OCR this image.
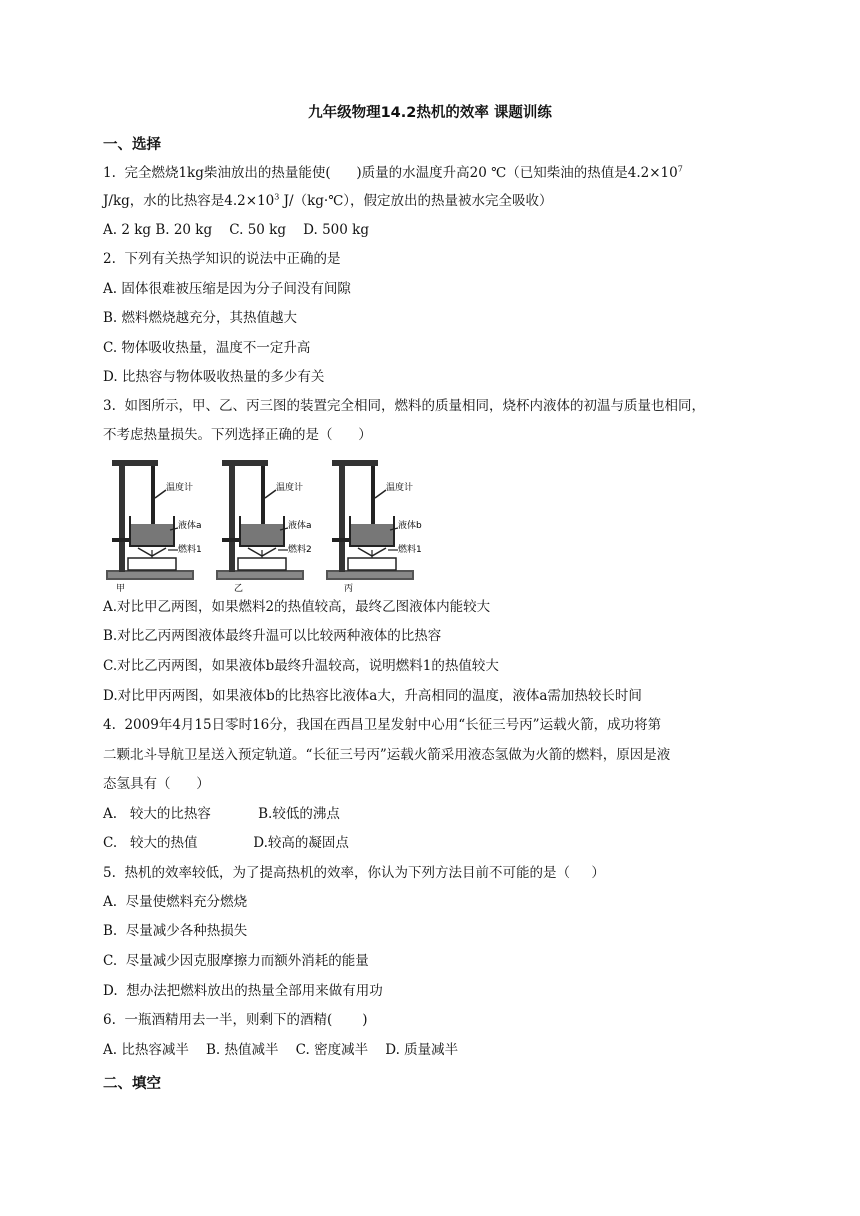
九年级物理14.2热机的效率 课题训练
一、选择
1.  完全燃烧1kg柴油放出的热量能使(      )质量的水温度升高20 ℃（已知柴油的热值是$4.2\times 10^7$
J/kg，水的比热容是$4.2\times 10^3$ J/（kg·℃），假定放出的热量被水完全吸收）
A. 2 kg B. 20 kg    C. 50 kg    D. 500 kg
2.  下列有关热学知识的说法中正确的是
A. 固体很难被压缩是因为分子间没有间隙
B. 燃料燃烧越充分，其热值越大
C. 物体吸收热量，温度不一定升高
D. 比热容与物体吸收热量的多少有关
3.  如图所示，甲、乙、丙三图的装置完全相同，燃料的质量相同，烧杯内液体的初温与质量也相同，
不考虑热量损失。下列选择正确的是（      ）
温度计
液体a
燃料1
甲
温度计
液体a
燃料2
乙
温度计
液体b
燃料1
丙
A.对比甲乙两图，如果燃料2的热值较高，最终乙图液体内能较大
B.对比乙丙两图液体最终升温可以比较两种液体的比热容
C.对比乙丙两图，如果液体b最终升温较高，说明燃料1的热值较大
D.对比甲丙两图，如果液体b的比热容比液体a大，升高相同的温度，液体a需加热较长时间
4.  2009年4月15日零时16分，我国在西昌卫星发射中心用“长征三号丙”运载火箭，成功将第
二颗北斗导航卫星送入预定轨道。“长征三号丙”运载火箭采用液态氢做为火箭的燃料，原因是液
态氢具有（      ）
A.   较大的比热容           B.较低的沸点
C.   较大的热值             D.较高的凝固点
5.  热机的效率较低，为了提高热机的效率，你认为下列方法目前不可能的是（     ）
A.  尽量使燃料充分燃烧
B.  尽量减少各种热损失
C.  尽量减少因克服摩擦力而额外消耗的能量
D.  想办法把燃料放出的热量全部用来做有用功
6.  一瓶酒精用去一半，则剩下的酒精(       )
A. 比热容减半    B. 热值减半    C. 密度减半    D. 质量减半
二、填空
